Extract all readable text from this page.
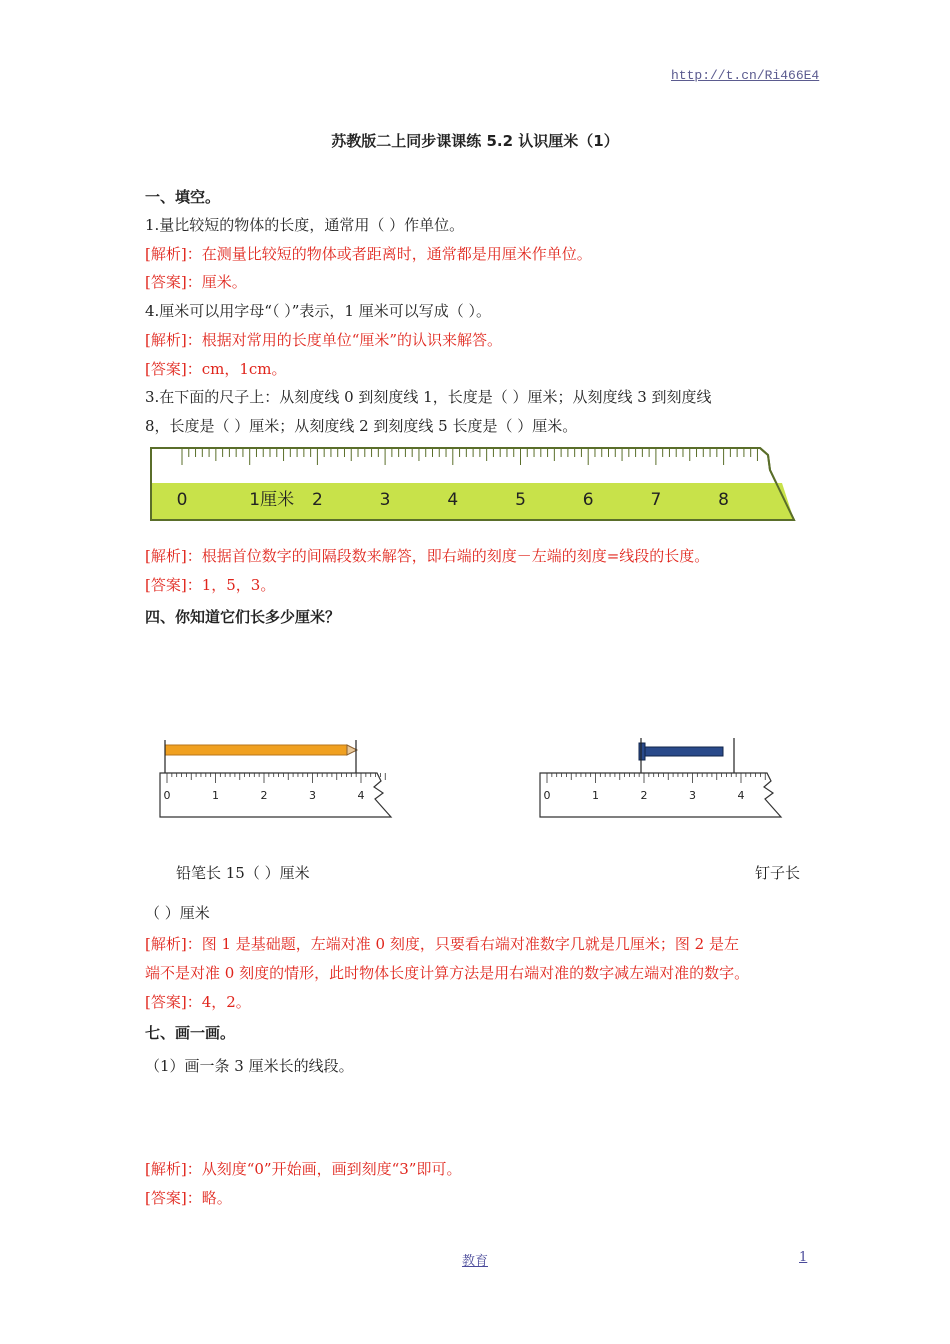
http://t.cn/Ri466E4
苏教版二上同步课课练 5.2 认识厘米（1）
一、填空。
1.量比较短的物体的长度，通常用（ ）作单位。
[解析]：在测量比较短的物体或者距离时，通常都是用厘米作单位。
[答案]：厘米。
4.厘米可以用字母“（ ）”表示，1 厘米可以写成（ ）。
[解析]：根据对常用的长度单位“厘米”的认识来解答。
[答案]：cm，1cm。
3.在下面的尺子上：从刻度线 0 到刻度线 1，长度是（ ）厘米；从刻度线 3 到刻度线
8，长度是（ ）厘米；从刻度线 2 到刻度线 5 长度是（ ）厘米。
0	1厘米 2	3	4	5	6	7	8
[解析]：根据首位数字的间隔段数来解答，即右端的刻度－左端的刻度=线段的长度。
[答案]：1，5，3。
四、你知道它们长多少厘米？
0	1	2	3	4	0	1	2	3	4
铅笔长 15（ ）厘米	钉子长
（ ）厘米
[解析]：图 1 是基础题，左端对准 0 刻度，只要看右端对准数字几就是几厘米；图 2 是左
端不是对准 0 刻度的情形，此时物体长度计算方法是用右端对准的数字减左端对准的数字。
[答案]：4，2。
七、画一画。
（1）画一条 3 厘米长的线段。
[解析]：从刻度“0”开始画，画到刻度“3”即可。
[答案]：略。
教育	1
